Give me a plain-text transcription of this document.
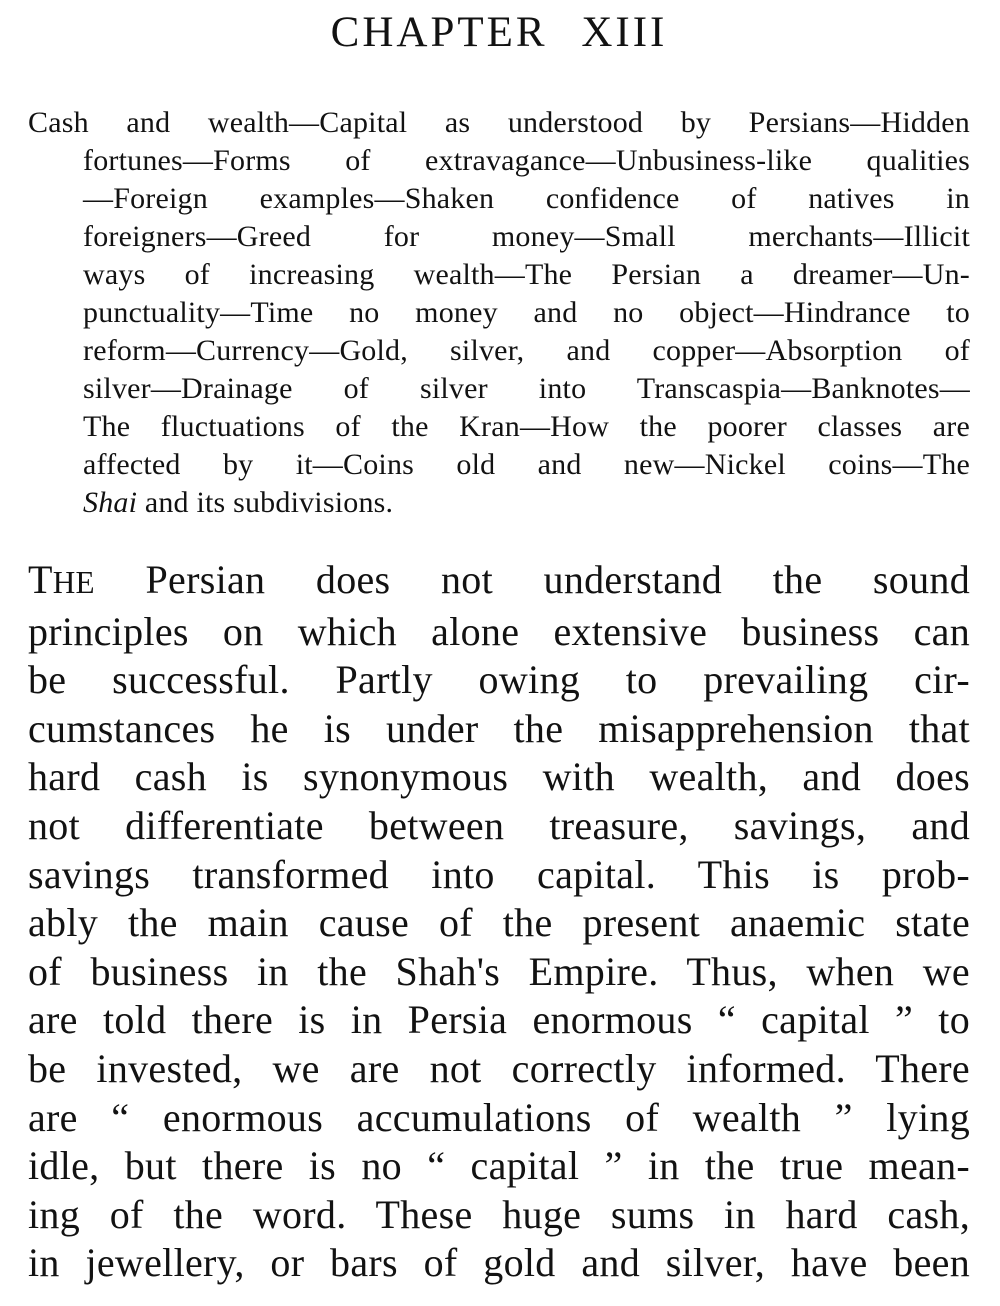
CHAPTER XIII
Cash and wealth—Capital as understood by Persians—Hidden
fortunes—Forms of extravagance—Unbusiness-like qualities
—Foreign examples—Shaken confidence of natives in
foreigners—Greed for money—Small merchants—Illicit
ways of increasing wealth—The Persian a dreamer—Un-
punctuality—Time no money and no object—Hindrance to
reform—Currency—Gold, silver, and copper—Absorption of
silver—Drainage of silver into Transcaspia—Banknotes—
The fluctuations of the Kran—How the poorer classes are
affected by it—Coins old and new—Nickel coins—The
Shai and its subdivisions.
THE Persian does not understand the sound
principles on which alone extensive business can
be successful. Partly owing to prevailing cir-
cumstances he is under the misapprehension that
hard cash is synonymous with wealth, and does
not differentiate between treasure, savings, and
savings transformed into capital. This is prob-
ably the main cause of the present anaemic state
of business in the Shah's Empire. Thus, when we
are told there is in Persia enormous “ capital ” to
be invested, we are not correctly informed. There
are “ enormous accumulations of wealth ” lying
idle, but there is no “ capital ” in the true mean-
ing of the word. These huge sums in hard cash,
in jewellery, or bars of gold and silver, have been
